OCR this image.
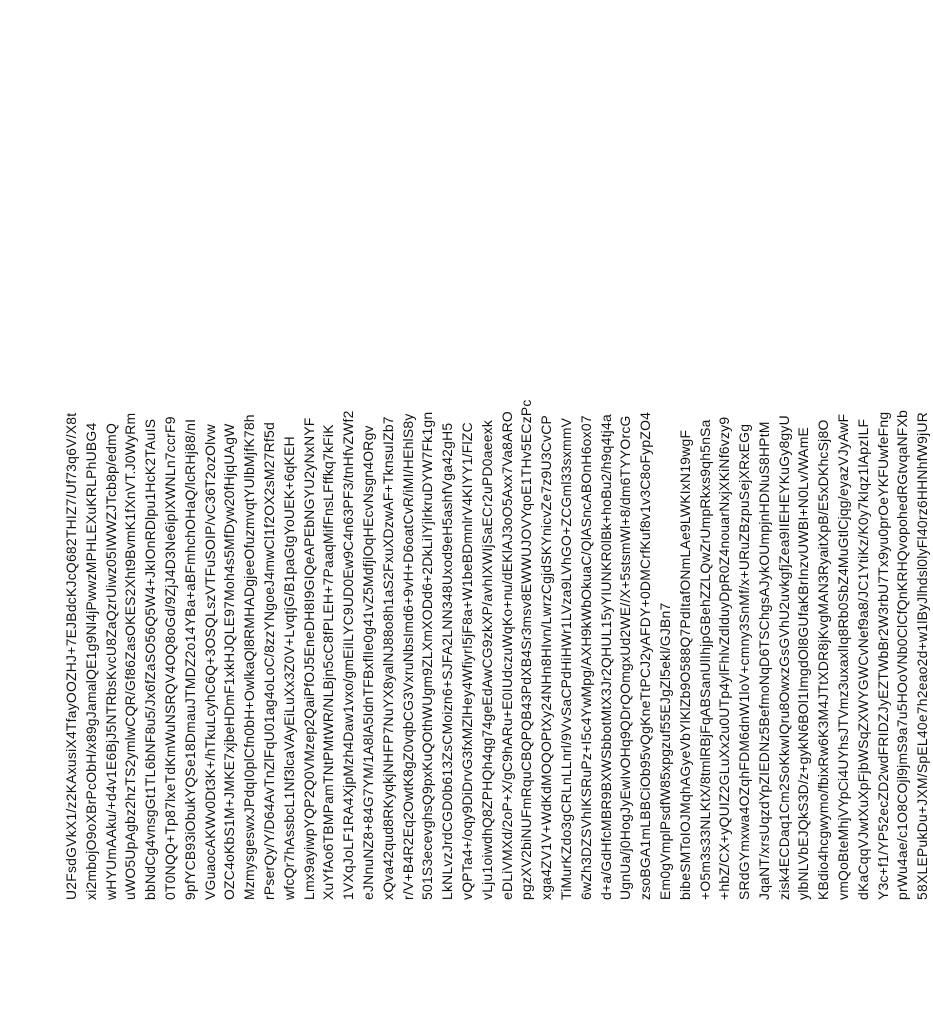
U2FsdGVkX1/z2KAxusiX4TfayOOZHJ+7EJBdcKJcQ682THIZ7/Uf73q6V/X8t xi2mbojO9oXBrPcObH/x89gJamalQE1g9Nl4jPwwzMPHLEXuKRLPhUBG4 wHYUmAAku/+d4v1E6BjJ5NTRbsKvcU8ZaQzrUiwz05IWWZJTcb8p/edmQ uWO5UpAgbz2hzTS2ymlwCQR/Gf86ZasOKES2Xht9BvmK1fXnVT.J0WyRm bbNdCg4vnsgGt1TL6bNF8u5/Jx6fZaSO56Q5W4+JkIOnRDlpu1HcK2TAuIS 0T0NQQ+Tp87lxeTdKmWuNSRQV4OQ8oGd/9ZjJ4D3Ne6ipIXWNLn7ccrF9 9pfYCB93iObukYQSe18DmauJTMDZ2o14YBa+aBFmhchOHaQ/lcRHj88/nI VGuaocAKWv0Dt3K+/hTkuLcyhC6Q+3OSQLszVTFuSOIP/vC36T2ozOlvw OZC4oKbS1M+JMKE7xjbeHDmF1xkHJQLE97Moh4s5MfDyw20fHjqUAgW MzmysgeswxJPdqI0plCfn0bH+OwlkaQl8RMHADgjeeOfuzmvqtYUlbMjfK78h rPserQy/Y/D64AvTnZlFqU01ag4oLoC/8zzYNgoeJ4mwCl1f2OX2sM27Rf5d wfcQr7hAssbcL1Nf3lcaVAyEiLuXx3Z0V+LvqtjG/B1paGtgYoUEK+6qKEH Lmx9ayiwpYQP2Q0VMzep2QaiPfOJ5EneDH8I9GIQeAPEbNGYU2yNxNYF XuYfAo6TBMPamTNtPMtWR/NLBjn5cC8fPLEH+7PaaqMifFnsLFffkq7kFiK 1VXqJoLF1RA4XjpMzh4Daw1vxo/gmEiILYC9UD0Ew9C4n63PF3/tnHfvZWf2 eJNnuNZ8+84G7YM/1A8lA5IdnTFBxflIe0g41vZ5MdfjlOqHEcvNsgn4ORgv xQva42qud8RKyqkjNHFP7NuYX8yalNJ88o8h1aS2FxuXDzwAF+TknsuIZb7 r/V+B4R2Eq2OwtK8gZ0vqbCG3VxruNbsImd6+9vH+D6oatCvR/iMI/HEhlS8y 501S3ecevghsQ9pxKuQOthWUgm9ZLXmXODd6+2DkLiIYjlrkruDYW7Fk1gn LkNLvzJrdCGD0b613ZsCMoizn6+SJFA2LNN348Uxod9eH5ashfVga42gH5 vQPTa4+/oqy9DiDrvG3fxMZlHey4WfiyrI5jF8a+W1beBDmnlrV4KIYY1/FlZC vLju1oiwdhQ8ZPHQh4qg74geEdAwCG9zkXP/avhIXWIjSaECr2uPD0aeexk eDLiVMXd/2oP+X/gC9hARu+E0IUdczuWqKo+nu/dEKlAJ3oO5Axx7Va8ARO pgzXV2biNUFmRquCBQPQB43PdXB4Sr3msv8EWWUJOVYqoE1THv5ECzPc xga4ZV1V+WdKdMOQOPtXy24NHn8HIvn/LwrzCgjdSKYnicvZe7z9U3CvCP TiMurKZdo3gCRLnLLnrl/9VvSaCPdHiHWr1LVza9LVhGO+ZCGml33sxmmV 6wZh3DZSVhIKSRuPz+I5c4YwMpg/AXH9kWbOkuaC/QlASncABOnH6ox07 d+a/GdHfcMBR9BXWSbbotMtX3Jr2QHUL15yYIUNKR0lBk+hoBu2/h9q4tj4a UgnUa/j0HogJyEwIvOHq9QDrQOmgxUd2WE//X+5stsmWl+8/dm6TYYOrcG zsoBGA1mLBBCiOb95vQgKneTtPCJ2yAFDY+0DMCrfKuf8v1v3C8oFypZO4 Em0gVmplPsdfW85xpgzuf55EJgZl5ekl/GJBn7 bibeSMToIOJMqhAGyeVbYlKlZb9O588Q7PdItafONmLAe9LWKIxN19wgF +O5m3s33NLKtX/8tmlRBjFqABSanUlIhjpGBehZZLQwZrUmpRkxs9qh5nSa +hbZ/CX+yQUIZ2GLuXx2u0UTp4ylFhlvZdlduyDpR0Z4nouarNxjXKiNf6vzy9 SRdGYmxwa4OZqhFDM6dnW1loV+cmny3SnMf/x+URuZBzpuSejXRxEGg JqaNT/xrsUqzdYpZIEDNz5BefmoNqD6TSChgsAJykOUmpjnHDNuS8HPtM zisk4ECDaq1Cm2SoKkwIQru8OwxzGsGVhU2uvkgfjZea9IIEHEYKuGy8gyU ylbNLVbEJQkS3D/z+gykN6BOl1ImgdOl8GUfaKBrInzvUWBI+N0Lv/WAmE KBdio4hcgwymo/fbixRw6K3M4JTtXDR8jKvgMAN3RyaitXpB/E5xDKhcSj8O vmQoBteMhjVYpCi4UYhsJTVmz3uxaxlIq8Rb0SbZ4MuGtlCjqg/eyazVJyAwF dKaCqqVJwtXuXpFjbWSqZXWYGWCvNef9a8/JC1YtiKz/K0y7kIqz1lApzILF Y3c+f1/YP52ecZD2wdFRIDZJyEZTWbBr2W3rbU7Tx9yu0prOeYKFUwfeFng prWu4ae/c1O8COjl9jmS9a7u5HOoVNb0ClCfQnKRHQvopohedRGtvqaNFXb 58XLEPukDu+JXM/SpEL40e7h2eao2d+w1lByJlhdsl0lyFl40rz6HHNhfW9jUR
